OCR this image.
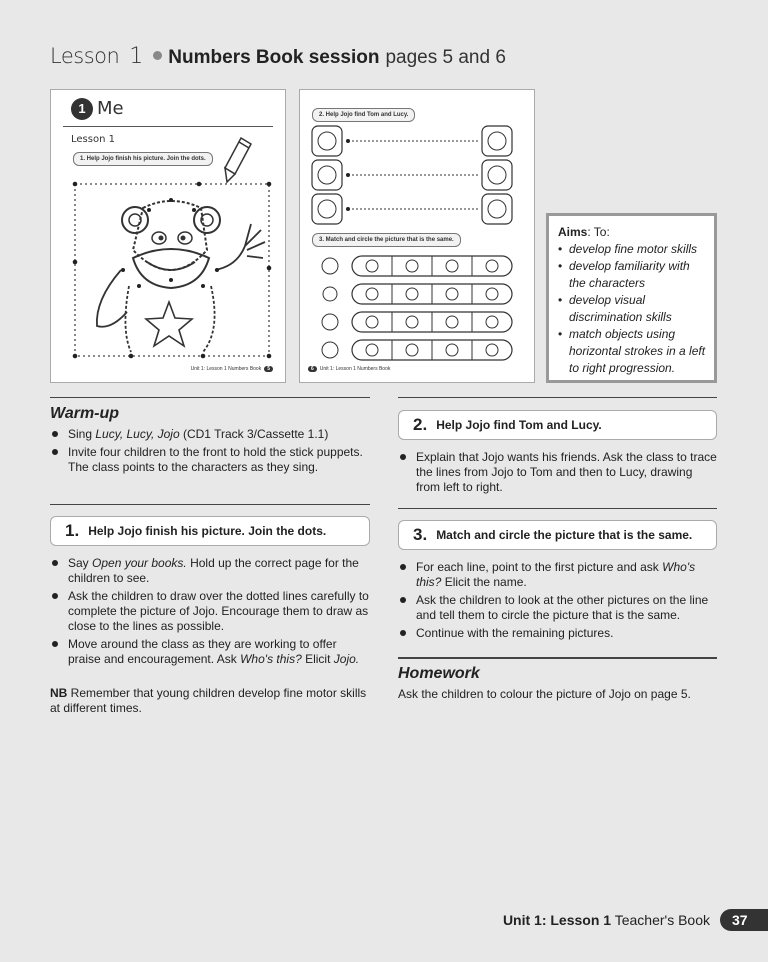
Lesson 1 Numbers Book session pages 5 and 6
1 Me
Lesson 1
1. Help Jojo finish his picture. Join the dots.
Unit 1: Lesson 1 Numbers Book	5
2. Help Jojo find Tom and Lucy.
3. Match and circle the picture that is the same.
6	Unit 1: Lesson 1 Numbers Book
Aims: To:
• develop fine motor skills
• develop familiarity with the characters
• develop visual discrimination skills
• match objects using horizontal strokes in a left to right progression.
Warm-up
Sing Lucy, Lucy, Jojo (CD1 Track 3/Cassette 1.1)
Invite four children to the front to hold the stick puppets. The class points to the characters as they sing.
1. Help Jojo finish his picture. Join the dots.
Say Open your books. Hold up the correct page for the children to see.
Ask the children to draw over the dotted lines carefully to complete the picture of Jojo. Encourage them to draw as close to the lines as possible.
Move around the class as they are working to offer praise and encouragement. Ask Who's this? Elicit Jojo.
NB Remember that young children develop fine motor skills at different times.
2. Help Jojo find Tom and Lucy.
Explain that Jojo wants his friends. Ask the class to trace the lines from Jojo to Tom and then to Lucy, drawing from left to right.
3. Match and circle the picture that is the same.
For each line, point to the first picture and ask Who's this? Elicit the name.
Ask the children to look at the other pictures on the line and tell them to circle the picture that is the same.
Continue with the remaining pictures.
Homework
Ask the children to colour the picture of Jojo on page 5.
Unit 1: Lesson 1 Teacher's Book	37
